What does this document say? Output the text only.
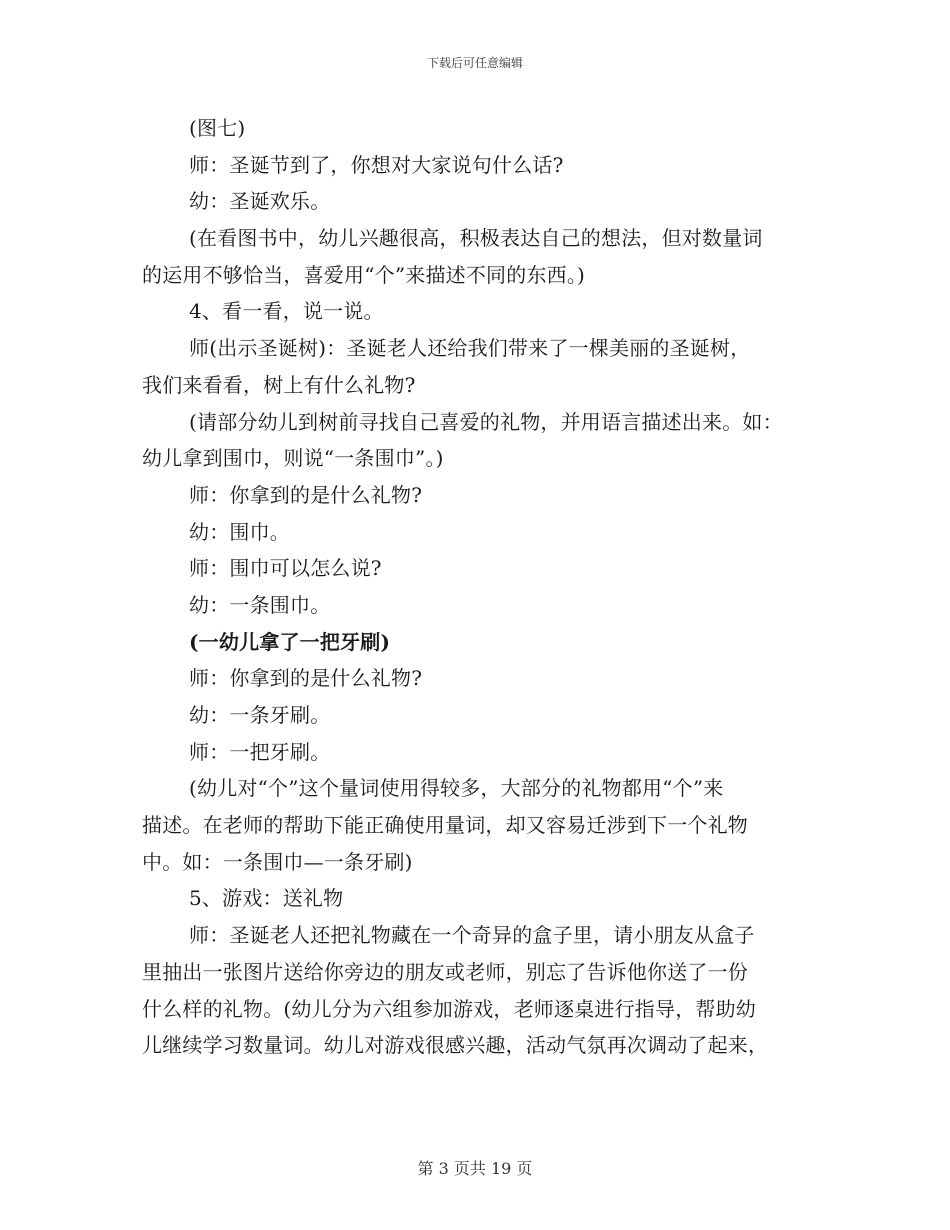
下载后可任意编辑
(图七)
师：圣诞节到了，你想对大家说句什么话?
幼：圣诞欢乐。
(在看图书中，幼儿兴趣很高，积极表达自己的想法，但对数量词
的运用不够恰当，喜爱用“个”来描述不同的东西。)
4、看一看，说一说。
师(出示圣诞树)：圣诞老人还给我们带来了一棵美丽的圣诞树，
我们来看看，树上有什么礼物?
(请部分幼儿到树前寻找自己喜爱的礼物，并用语言描述出来。如：
幼儿拿到围巾，则说“一条围巾”。)
师：你拿到的是什么礼物?
幼：围巾。
师：围巾可以怎么说?
幼：一条围巾。
(一幼儿拿了一把牙刷)
师：你拿到的是什么礼物?
幼：一条牙刷。
师：一把牙刷。
(幼儿对“个”这个量词使用得较多，大部分的礼物都用“个”来
描述。在老师的帮助下能正确使用量词，却又容易迁涉到下一个礼物
中。如：一条围巾—一条牙刷)
5、游戏：送礼物
师：圣诞老人还把礼物藏在一个奇异的盒子里，请小朋友从盒子
里抽出一张图片送给你旁边的朋友或老师，别忘了告诉他你送了一份
什么样的礼物。(幼儿分为六组参加游戏，老师逐桌进行指导，帮助幼
儿继续学习数量词。幼儿对游戏很感兴趣，活动气氛再次调动了起来，
第 3 页共 19 页
